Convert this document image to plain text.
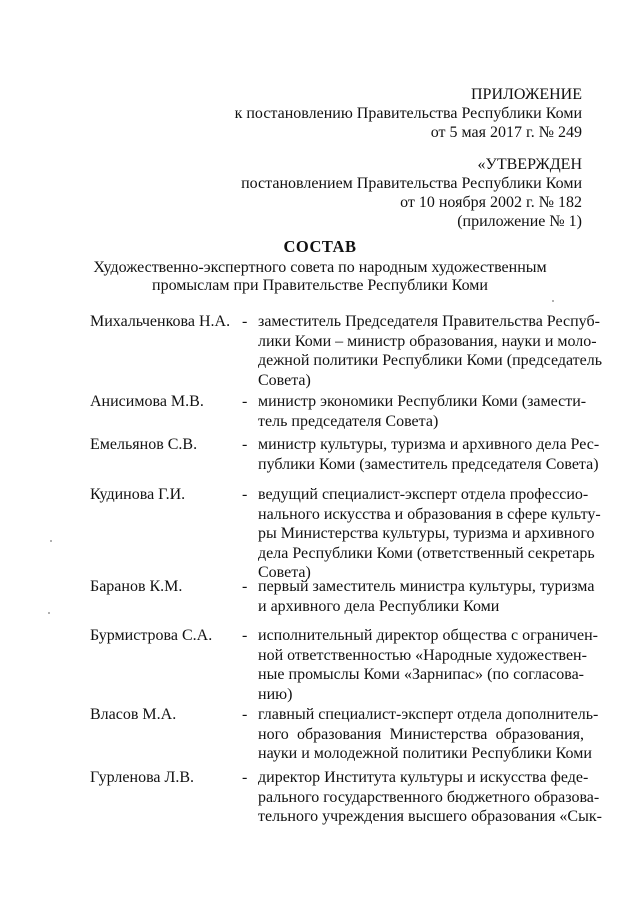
ПРИЛОЖЕНИЕ
к постановлению Правительства Республики Коми
от 5 мая 2017 г. № 249
«УТВЕРЖДЕН
постановлением Правительства Республики Коми
от 10 ноября 2002 г. № 182
(приложение № 1)
СОСТАВ
Художественно-экспертного совета по народным художественным
промыслам при Правительстве Республики Коми
Михальченкова Н.А. - заместитель Председателя Правительства Респуб-
лики Коми – министр образования, науки и моло-
дежной политики Республики Коми (председатель
Совета)
Анисимова М.В. - министр экономики Республики Коми (замести-
тель председателя Совета)
Емельянов С.В.	- министр культуры, туризма и архивного дела Рес-
публики Коми (заместитель председателя Совета)
Кудинова Г.И.	- ведущий специалист-эксперт отдела профессио-
нального искусства и образования в сфере культу-
ры Министерства культуры, туризма и архивного
дела Республики Коми (ответственный секретарь
Совета)
Баранов К.М.	- первый заместитель министра культуры, туризма
и архивного дела Республики Коми
Бурмистрова С.А. - исполнительный директор общества с ограничен-
ной ответственностью «Народные художествен-
ные промыслы Коми «Зарнипас» (по согласова-
нию)
Власов М.А.	- главный специалист-эксперт отдела дополнитель-
ного образования Министерства образования,
науки и молодежной политики Республики Коми
Гурленова Л.В.	- директор Института культуры и искусства феде-
рального государственного бюджетного образова-
тельного учреждения высшего образования «Сык-
